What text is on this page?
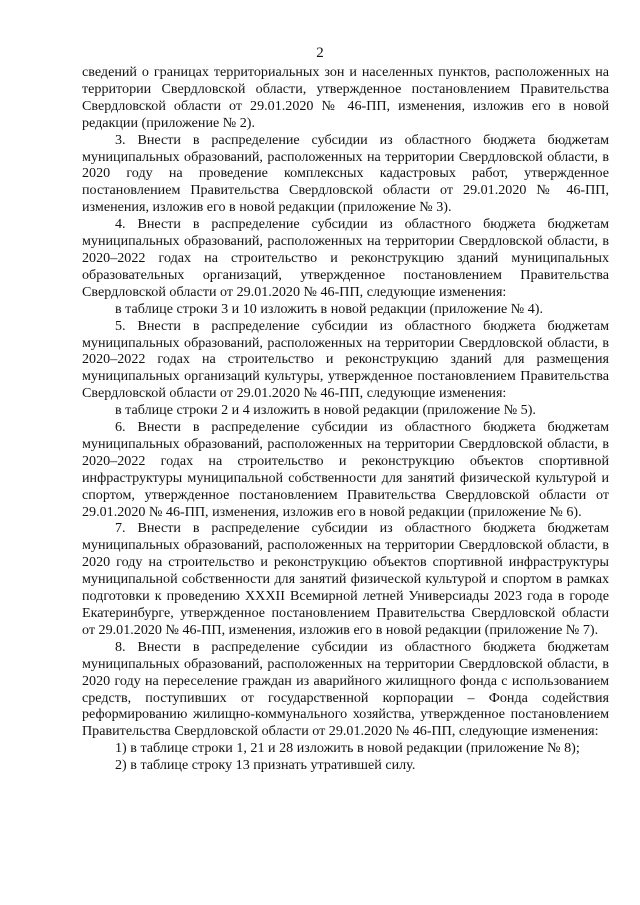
2

сведений о границах территориальных зон и населенных пунктов, расположенных на территории Свердловской области, утвержденное постановлением Правительства Свердловской области от 29.01.2020 № 46-ПП, изменения, изложив его в новой редакции (приложение № 2).

3. Внести в распределение субсидии из областного бюджета бюджетам муниципальных образований, расположенных на территории Свердловской области, в 2020 году на проведение комплексных кадастровых работ, утвержденное постановлением Правительства Свердловской области от 29.01.2020 № 46-ПП, изменения, изложив его в новой редакции (приложение № 3).

4. Внести в распределение субсидии из областного бюджета бюджетам муниципальных образований, расположенных на территории Свердловской области, в 2020–2022 годах на строительство и реконструкцию зданий муниципальных образовательных организаций, утвержденное постановлением Правительства Свердловской области от 29.01.2020 № 46-ПП, следующие изменения:

в таблице строки 3 и 10 изложить в новой редакции (приложение № 4).

5. Внести в распределение субсидии из областного бюджета бюджетам муниципальных образований, расположенных на территории Свердловской области, в 2020–2022 годах на строительство и реконструкцию зданий для размещения муниципальных организаций культуры, утвержденное постановлением Правительства Свердловской области от 29.01.2020 № 46-ПП, следующие изменения:

в таблице строки 2 и 4 изложить в новой редакции (приложение № 5).

6. Внести в распределение субсидии из областного бюджета бюджетам муниципальных образований, расположенных на территории Свердловской области, в 2020–2022 годах на строительство и реконструкцию объектов спортивной инфраструктуры муниципальной собственности для занятий физической культурой и спортом, утвержденное постановлением Правительства Свердловской области от 29.01.2020 № 46-ПП, изменения, изложив его в новой редакции (приложение № 6).

7. Внести в распределение субсидии из областного бюджета бюджетам муниципальных образований, расположенных на территории Свердловской области, в 2020 году на строительство и реконструкцию объектов спортивной инфраструктуры муниципальной собственности для занятий физической культурой и спортом в рамках подготовки к проведению XXXII Всемирной летней Универсиады 2023 года в городе Екатеринбурге, утвержденное постановлением Правительства Свердловской области от 29.01.2020 № 46-ПП, изменения, изложив его в новой редакции (приложение № 7).

8. Внести в распределение субсидии из областного бюджета бюджетам муниципальных образований, расположенных на территории Свердловской области, в 2020 году на переселение граждан из аварийного жилищного фонда с использованием средств, поступивших от государственной корпорации – Фонда содействия реформированию жилищно-коммунального хозяйства, утвержденное постановлением Правительства Свердловской области от 29.01.2020 № 46-ПП, следующие изменения:

1) в таблице строки 1, 21 и 28 изложить в новой редакции (приложение № 8);

2) в таблице строку 13 признать утратившей силу.
